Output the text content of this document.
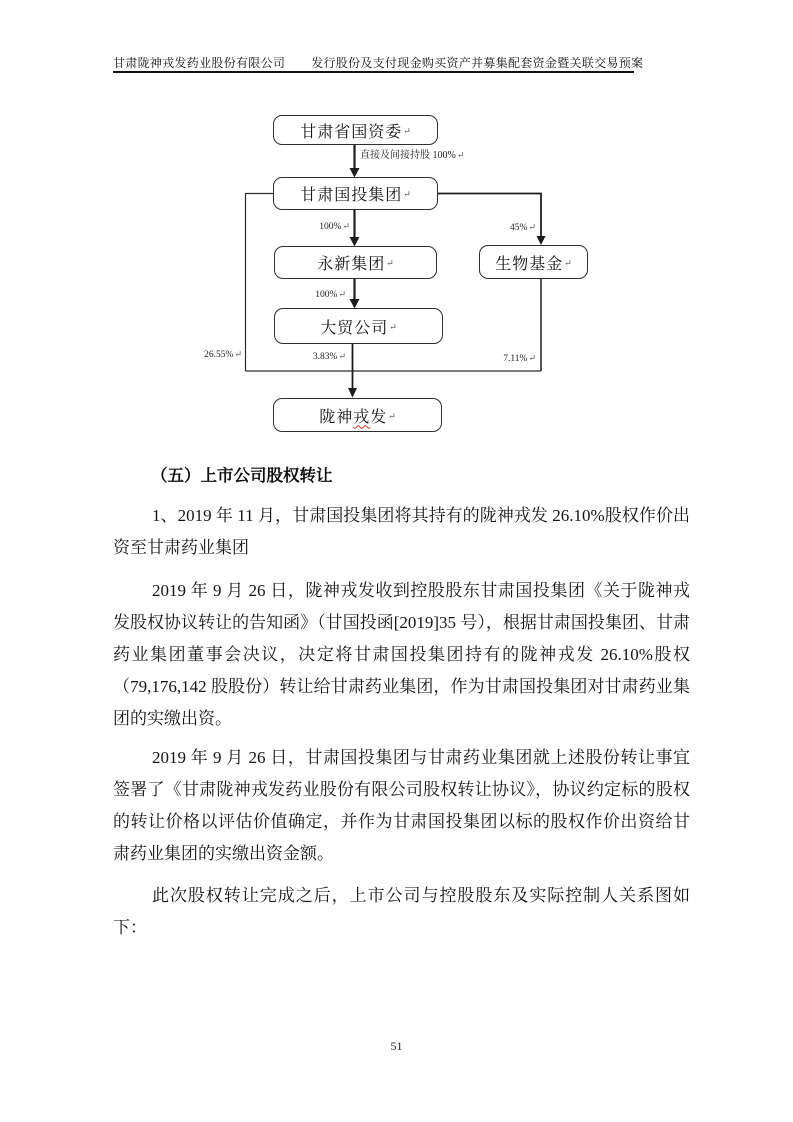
甘肃陇神戎发药业股份有限公司 发行股份及支付现金购买资产并募集配套资金暨关联交易预案
甘肃省国资委 ↵
甘肃国投集团 ↵
永新集团 ↵	生物基金 ↵
大贸公司 ↵
陇神 戎 发 ↵
直接及间接持股 100%↵
100%↵	45%↵
100%↵
26.55%↵	3.83%↵	7.11%↵
（五）上市公司股权转让

1、2019 年 11 月，甘肃国投集团将其持有的陇神戎发 26.10%股权作价出资至甘肃药业集团

2019 年 9 月 26 日，陇神戎发收到控股股东甘肃国投集团《关于陇神戎发股权协议转让的告知函》（甘国投函[2019]35 号），根据甘肃国投集团、甘肃药业集团董事会决议，决定将甘肃国投集团持有的陇神戎发 26.10%股权（79,176,142 股股份）转让给甘肃药业集团，作为甘肃国投集团对甘肃药业集团的实缴出资。

2019 年 9 月 26 日，甘肃国投集团与甘肃药业集团就上述股份转让事宜签署了《甘肃陇神戎发药业股份有限公司股权转让协议》，协议约定标的股权的转让价格以评估价值确定，并作为甘肃国投集团以标的股权作价出资给甘肃药业集团的实缴出资金额。

此次股权转让完成之后，上市公司与控股股东及实际控制人关系图如下：

51
